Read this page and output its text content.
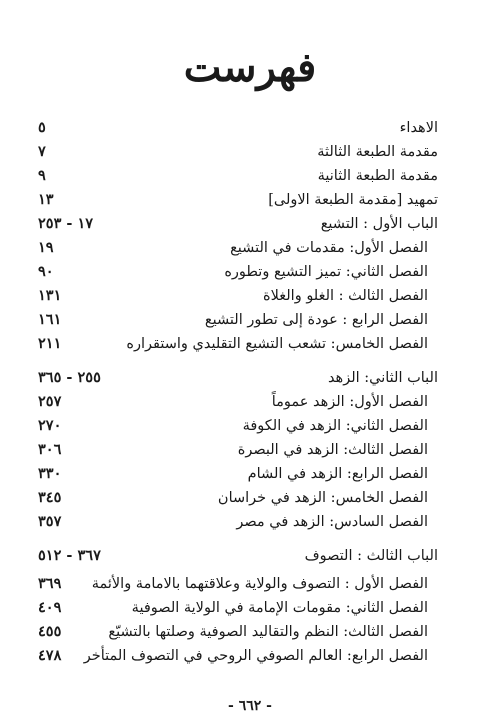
فهرست
الاهداء
٥
مقدمة الطبعة الثالثة
٧
مقدمة الطبعة الثانية
٩
تمهيد [مقدمة الطبعة الاولى]
١٣
الباب الأول : التشيع
١٧ - ٢٥٣
الفصل الأول: مقدمات في التشيع
١٩
الفصل الثاني: تميز التشيع وتطوره
٩٠
الفصل الثالث : الغلو والغلاة
١٣١
الفصل الرابع : عودة إلى تطور التشيع
١٦١
الفصل الخامس: تشعب التشيع التقليدي واستقراره
٢١١
الباب الثاني: الزهد
٢٥٥ - ٣٦٥
الفصل الأول: الزهد عموماً
٢٥٧
الفصل الثاني: الزهد في الكوفة
٢٧٠
الفصل الثالث: الزهد في البصرة
٣٠٦
الفصل الرابع: الزهد في الشام
٣٣٠
الفصل الخامس: الزهد في خراسان
٣٤٥
الفصل السادس: الزهد في مصر
٣٥٧
الباب الثالث : التصوف
٣٦٧ - ٥١٢
الفصل الأول : التصوف والولاية وعلاقتهما بالامامة والأئمة
٣٦٩
الفصل الثاني: مقومات الإمامة في الولاية الصوفية
٤٠٩
الفصل الثالث: النظم والتقاليد الصوفية وصلتها بالتشيّع
٤٥٥
الفصل الرابع: العالم الصوفي الروحي في التصوف المتأخر
٤٧٨
- ٦٦٢ -
